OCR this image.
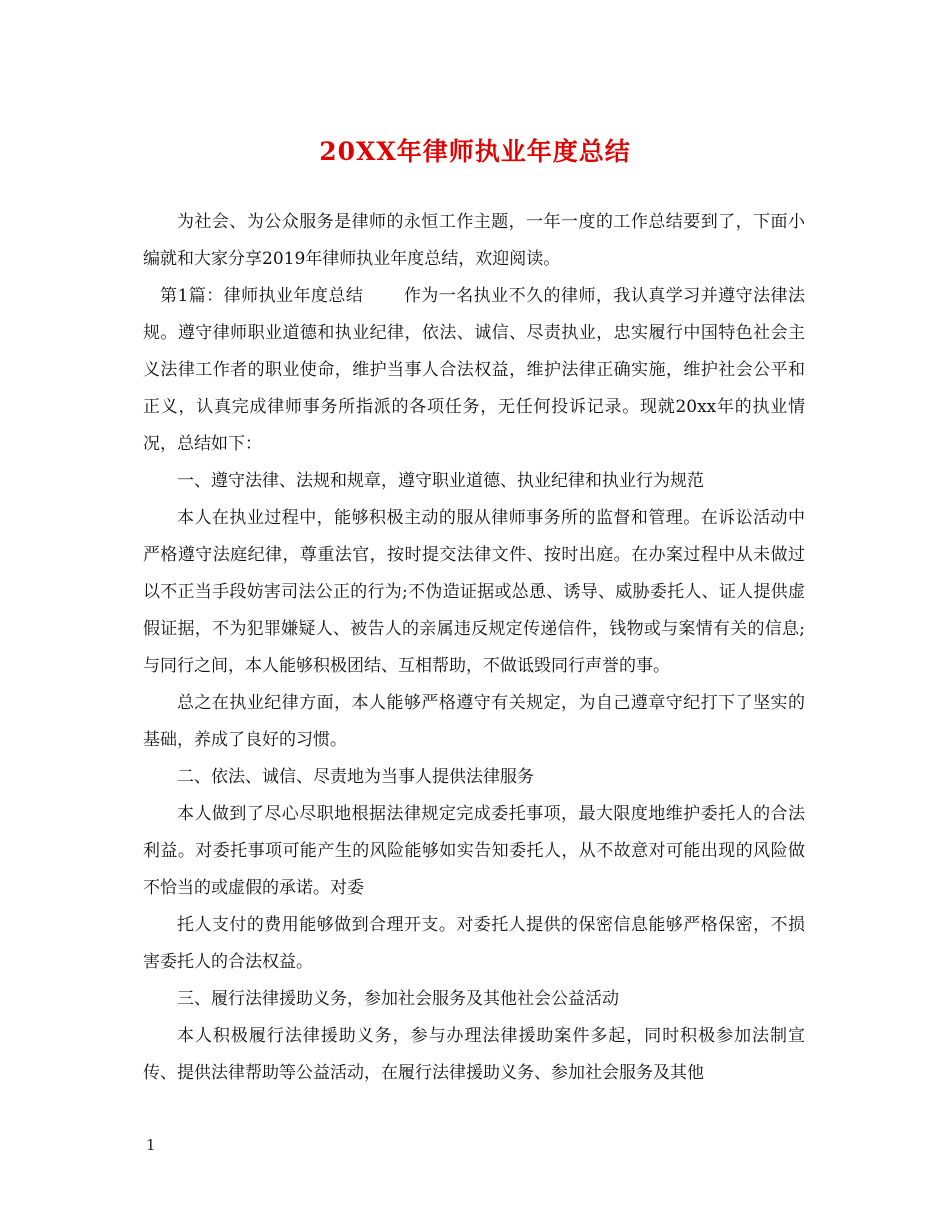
20XX年律师执业年度总结

为社会、为公众服务是律师的永恒工作主题，一年一度的工作总结要到了，下面小编就和大家分享2019年律师执业年度总结，欢迎阅读。

第1篇：律师执业年度总结 作为一名执业不久的律师，我认真学习并遵守法律法规。遵守律师职业道德和执业纪律，依法、诚信、尽责执业，忠实履行中国特色社会主义法律工作者的职业使命，维护当事人合法权益，维护法律正确实施，维护社会公平和正义，认真完成律师事务所指派的各项任务，无任何投诉记录。现就20xx年的执业情况，总结如下：

一、遵守法律、法规和规章，遵守职业道德、执业纪律和执业行为规范

本人在执业过程中，能够积极主动的服从律师事务所的监督和管理。在诉讼活动中严格遵守法庭纪律，尊重法官，按时提交法律文件、按时出庭。在办案过程中从未做过以不正当手段妨害司法公正的行为;不伪造证据或怂恿、诱导、威胁委托人、证人提供虚假证据，不为犯罪嫌疑人、被告人的亲属违反规定传递信件，钱物或与案情有关的信息;与同行之间，本人能够积极团结、互相帮助，不做诋毁同行声誉的事。

总之在执业纪律方面，本人能够严格遵守有关规定，为自己遵章守纪打下了坚实的基础，养成了良好的习惯。

二、依法、诚信、尽责地为当事人提供法律服务

本人做到了尽心尽职地根据法律规定完成委托事项，最大限度地维护委托人的合法利益。对委托事项可能产生的风险能够如实告知委托人，从不故意对可能出现的风险做不恰当的或虚假的承诺。对委

托人支付的费用能够做到合理开支。对委托人提供的保密信息能够严格保密，不损害委托人的合法权益。

三、履行法律援助义务，参加社会服务及其他社会公益活动

本人积极履行法律援助义务，参与办理法律援助案件多起，同时积极参加法制宣传、提供法律帮助等公益活动，在履行法律援助义务、参加社会服务及其他

1
